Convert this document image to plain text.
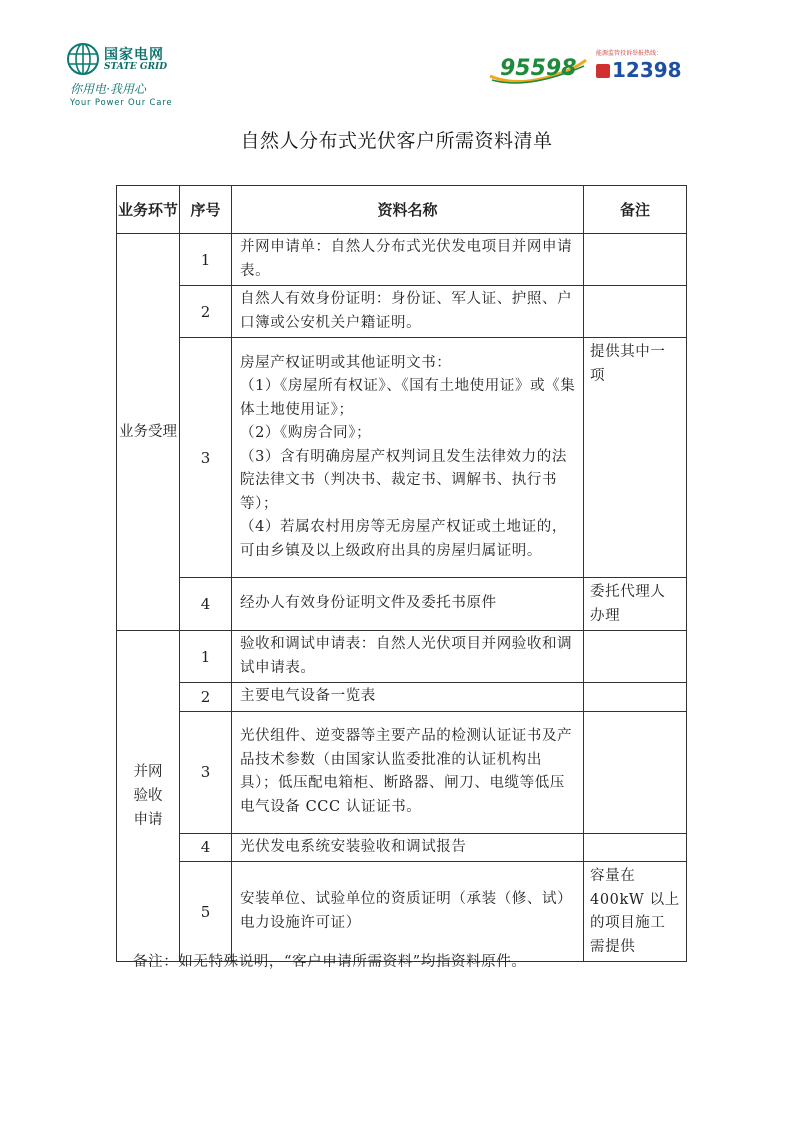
国家电网
STATE GRID
你用电·我用心
Your Power Our Care
95598
能源监管投诉举报热线：
12398
自然人分布式光伏客户所需资料清单
业务环节	序号	资料名称	备注
业务受理	1	并网申请单：自然人分布式光伏发电项目并网申请表。	
	2	自然人有效身份证明：身份证、军人证、护照、户口簿或公安机关户籍证明。	
	3	房屋产权证明或其他证明文书：
（1）《房屋所有权证》、《国有土地使用证》或《集体土地使用证》；
（2）《购房合同》；
（3）含有明确房屋产权判词且发生法律效力的法院法律文书（判决书、裁定书、调解书、执行书等）；
（4）若属农村用房等无房屋产权证或土地证的，可由乡镇及以上级政府出具的房屋归属证明。	提供其中一项
	4	经办人有效身份证明文件及委托书原件	委托代理人办理
并网验收申请	1	验收和调试申请表：自然人光伏项目并网验收和调试申请表。	
	2	主要电气设备一览表	
	3	光伏组件、逆变器等主要产品的检测认证证书及产品技术参数（由国家认监委批准的认证机构出具）；低压配电箱柜、断路器、闸刀、电缆等低压电气设备 CCC 认证证书。	
	4	光伏发电系统安装验收和调试报告	
	5	安装单位、试验单位的资质证明（承装（修、试）电力设施许可证）	容量在400kW 以上的项目施工需提供
备注：如无特殊说明，“客户申请所需资料”均指资料原件。
